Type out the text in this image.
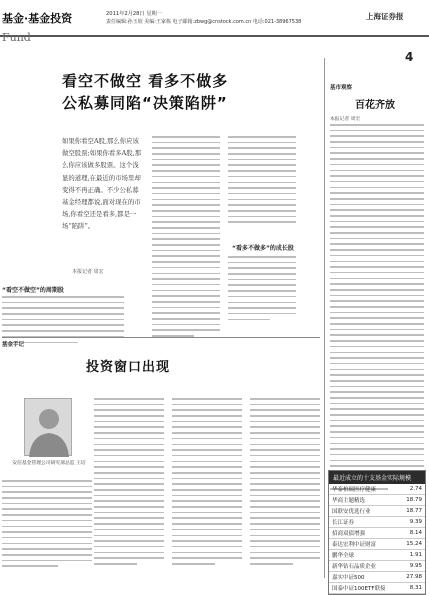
基金·基金投资
Fund
2011年2月28日 星期一
责任编辑:孙玉姣 美编:王家栋 电子邮箱:zbwg@cnstock.com.cn 电话:021-38967538
上海证券报
4
看空不做空 看多不做多
公私募同陷“决策陷阱”
如果你看空A股,那么你应该做空股票;如果你看多A股,那么你应该做多股票。这个浅显的道理,在最近的市场里却变得不再正确。不少公私募基金经理都说,面对现在的市场,你看空还是看多,都是一场“陷阱”。
本报记者 周宏
“看空不做空”的周期股
“看多不做多”的成长股
基金手记
投资窗口出现
安信基金管理公司研究部总监 王培
基市观察
百花齐放
本报记者 周宏
最近成立的十支基金实际规模
华泰柏瑞医疗健康	2.74
华商主题精选	18.79
国联安优选行业	18.77
长江证券	9.39
招商双债增强	8.14
泰达宏利中证财富	15.24
鹏华全球	1.91
新华钻石品质企业	9.95
嘉实中证500	27.98
国泰中证100ETF联接	8.31
